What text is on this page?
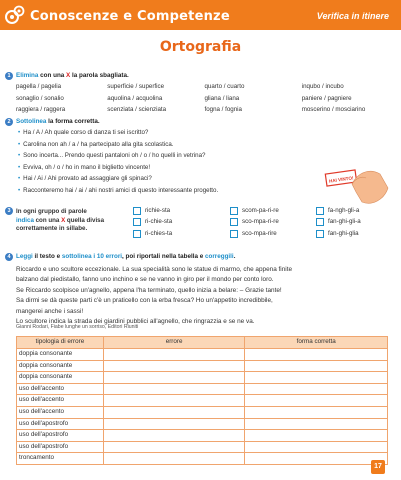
Conoscenze e Competenze	Verifica in itinere
Ortografia
1 Elimina con una X la parola sbagliata.
pagella / pagelia	superficie / superfice	quarto / cuarto	inqubo / incubo
sonaglio / sonalio	aquolina / acquolina	gliana / liana	paniere / pagniere
raggiera / raggera	scenziata / scienziata	fogna / fognia	moscerino / mosciarino
2 Sottolinea la forma corretta.
• Ha / A / Ah quale corso di danza ti sei iscritto?
• Carolina non ah / a / ha partecipato alla gita scolastica.
• Sono incerta... Prendo questi pantaloni oh / o / ho quelli in vetrina?
• Evviva, oh / o / ho in mano il biglietto vincente!
• Hai / Ai / Ahi provato ad assaggiare gli spinaci?
• Racconteremo hai / ai / ahi nostri amici di questo interessante progetto.
HAI VINTO!
3 In ogni gruppo di parole
indica con una X quella divisa
correttamente in sillabe.
richie-sta
ri-chie-sta
ri-chies-ta
scom-pa-ri-re
sco-mpa-ri-re
sco-mpa-rire
fa-ngh-gli-a
fan-ghi-gli-a
fan-ghi-glia
4 Leggi il testo e sottolinea i 10 errori, poi riportali nella tabella e correggili.
Riccardo e uno scultore eccezionale. La sua specialità sono le statue di marmo, che appena finite
balzano dal piedistallo, fanno uno inchino e se ne vanno in giro per il mondo per conto loro.
Se Riccardo scolpisce un'agnello, appena l'ha terminato, quello inizia a belare: – Grazie tante!
Sa dirmi se dà queste parti c'è un praticello con la erba fresca? Ho un'appetito incredibbile,
mangerei anche i sassi!
Lo scultore indica la strada dei giardini pubblici all'agnello, che ringrazzia e se ne va.
Gianni Rodari, Fiabe lunghe un sorriso, Editori Riuniti
tipologia di errore	errore	forma corretta
doppia consonante		
doppia consonante		
doppia consonante		
uso dell'accento		
uso dell'accento		
uso dell'accento		
uso dell'apostrofo		
uso dell'apostrofo		
uso dell'apostrofo		
troncamento		
17
